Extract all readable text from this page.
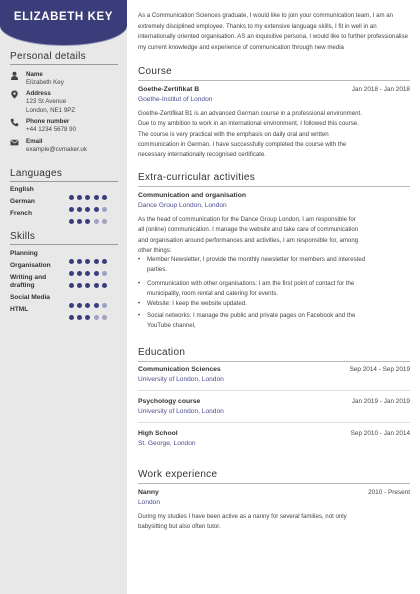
ELIZABETH KEY
Personal details
Name
Elizabeth Key
Address
123 St Avenue
London, NE1 9PZ
Phone number
+44 1234 5678 90
Email
example@cvmaker.uk
Languages
English
German
French
Skills
Planning
Organisation
Writing and drafting
Social Media
HTML
As a Communication Sciences graduate, I would like to join your communication team, I am an extremely disciplined employee. Thanks to my extensive language skills, I fit in well in an internationally oriented organisation. AS an inquisitive persona, I would like to further professionalise my current knowledge and experience of communication through new media
Course
Goethe-Zertifikat B	Jan 2018 - Jan 2018
Goethe-Institut of London
Goethe-Zertifikat B1 is an advanced German course in a professional environment. Due to my ambition to work in an international environment, I followed this course. The course is very practical with the emphasis on daily oral and written communication in German. I have successfully completed the course with the necessary internationally recognised certificate.
Extra-curricular activities
Communication and organisation
Dance Group London, London
As the head of communication for the Dance Group London, I am responsible for all (online) communication. I manage the website and take care of communication and organisation around performances and activities, I am responsible for, among other things:
• Member Newsletter, I provide the monthly newsletter for members and interested parties.
• Communication with other organisations: I am the first point of contact for the municipality, room rental and catering for events.
• Website: I keep the website updated.
• Social networks: I manage the public and private pages on Facebook and the YouTube channel,
Education
Communication Sciences	Sep 2014 - Sep 2019
University of London, London
Psychology course	Jan 2019 - Jan 2019
University of London, London
High School	Sep 2010 - Jan 2014
St. George, London
Work experience
Nanny	2010 - Present
London
During my studies I have been active as a nanny for several families, not only babysitting but also often tutor.
